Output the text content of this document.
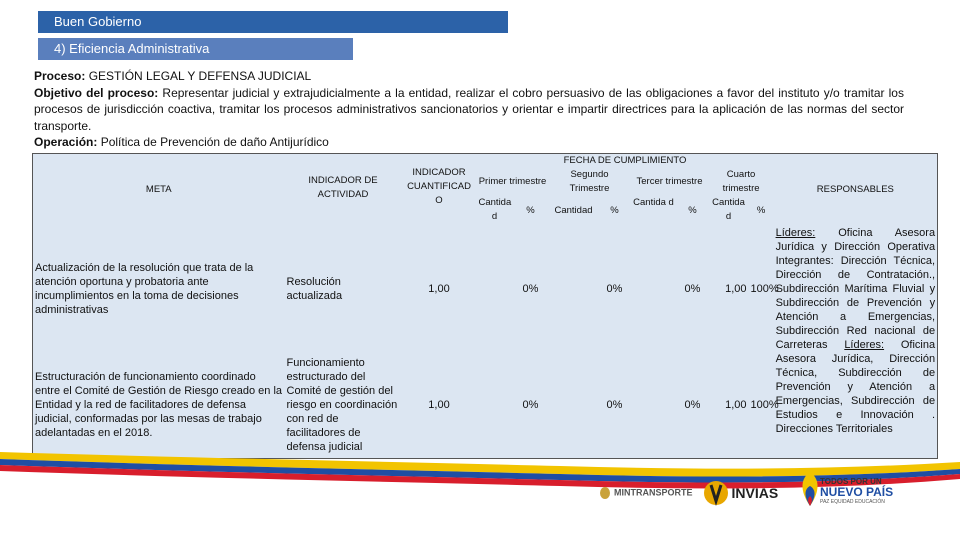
Buen Gobierno
4) Eficiencia Administrativa

Proceso: GESTIÓN LEGAL Y DEFENSA JUDICIAL

Objetivo del proceso: Representar judicial y extrajudicialmente a la entidad, realizar el cobro persuasivo de las obligaciones a favor del instituto y/o tramitar los procesos de jurisdicción coactiva, tramitar los procesos administrativos sancionatorios y orientar e impartir directrices para la aplicación de las normas del sector transporte.

Operación: Política de Prevención de daño Antijurídico

META	INDICADOR DE ACTIVIDAD	INDICADOR CUANTIFICAD O	FECHA DE CUMPLIMIENTO								RESPONSABLES
			Primer trimestre		Segundo Trimestre		Tercer trimestre		Cuarto trimestre		
			Cantida d	%	Cantidad	%	Cantida d	%	Cantida d	%	
Actualización de la resolución que trata de la atención oportuna y probatoria ante incumplimientos en la toma de decisiones administrativas	Resolución actualizada	1,00		0%		0%		0%	1,00	100%	Líderes: Oficina Asesora Jurídica y Dirección Operativa Integrantes: Dirección Técnica, Dirección de Contratación., Subdirección Marítima Fluvial y Subdirección de Prevención y Atención a Emergencias, Subdirección Red nacional de Carreteras Líderes: Oficina Asesora Jurídica, Dirección Técnica, Subdirección de Prevención y Atención a Emergencias, Subdirección de Estudios e Innovación . Direcciones Territoriales
Estructuración de funcionamiento coordinado entre el Comité de Gestión de Riesgo creado en la Entidad y la red de facilitadores de defensa judicial, conformadas por las mesas de trabajo adelantadas en el 2018.	Funcionamiento estructurado del Comité de gestión del riesgo en coordinación con red de facilitadores de defensa judicial	1,00		0%		0%		0%	1,00	100%	
MINTRANSPORTE	INVIAS
TODOS POR UN
NUEVO PAÍS
PAZ EQUIDAD EDUCACIÓN
